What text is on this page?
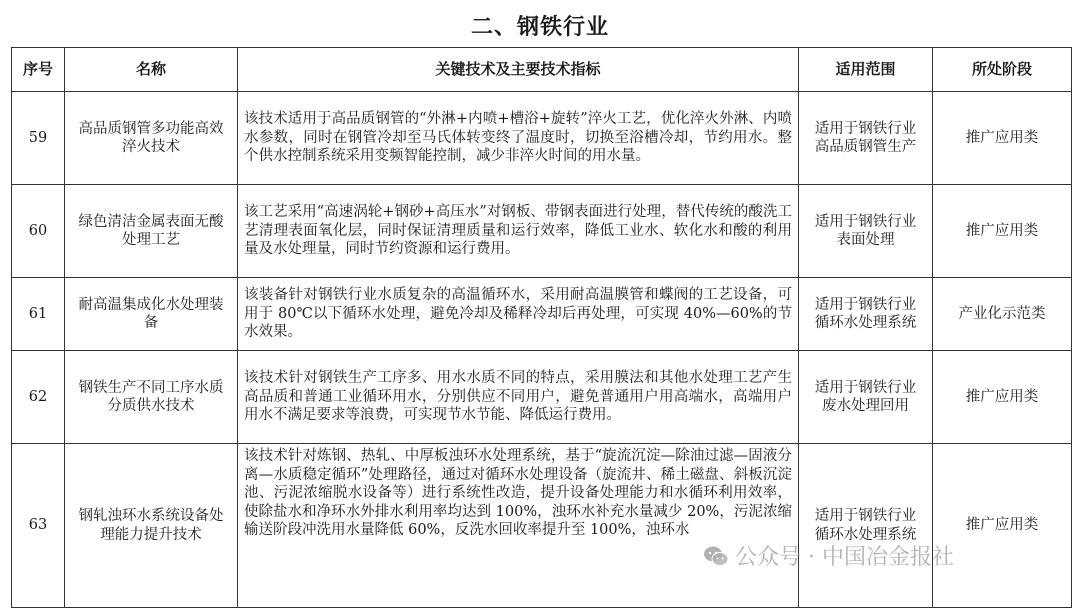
二、钢铁行业
序号	名称	关键技术及主要技术指标	适用范围	所处阶段
59	高品质钢管多功能高效淬火技术	该技术适用于高品质钢管的“外淋+内喷+槽浴+旋转”淬火工艺，优化淬火外淋、内喷水参数，同时在钢管冷却至马氏体转变终了温度时，切换至浴槽冷却，节约用水。整个供水控制系统采用变频智能控制，减少非淬火时间的用水量。	适用于钢铁行业高品质钢管生产	推广应用类
60	绿色清洁金属表面无酸处理工艺	该工艺采用“高速涡轮+钢砂+高压水”对钢板、带钢表面进行处理，替代传统的酸洗工艺清理表面氧化层，同时保证清理质量和运行效率，降低工业水、软化水和酸的利用量及水处理量，同时节约资源和运行费用。	适用于钢铁行业表面处理	推广应用类
61	耐高温集成化水处理装备	该装备针对钢铁行业水质复杂的高温循环水，采用耐高温膜管和蝶阀的工艺设备，可用于 80℃以下循环水处理，避免冷却及稀释冷却后再处理，可实现 40%—60%的节水效果。	适用于钢铁行业循环水处理系统	产业化示范类
62	钢铁生产不同工序水质分质供水技术	该技术针对钢铁生产工序多、用水水质不同的特点，采用膜法和其他水处理工艺产生高品质和普通工业循环用水，分别供应不同用户，避免普通用户用高端水，高端用户用水不满足要求等浪费，可实现节水节能、降低运行费用。	适用于钢铁行业废水处理回用	推广应用类
63	钢轧浊环水系统设备处理能力提升技术	该技术针对炼钢、热轧、中厚板浊环水处理系统，基于“旋流沉淀—除油过滤—固液分离—水质稳定循环”处理路径，通过对循环水处理设备（旋流井、稀土磁盘、斜板沉淀池、污泥浓缩脱水设备等）进行系统性改造，提升设备处理能力和水循环利用效率，使除盐水和净环水外排水利用率均达到 100%，浊环水补充水量减少 20%，污泥浓缩输送阶段冲洗用水量降低 60%，反洗水回收率提升至 100%，浊环水	适用于钢铁行业循环水处理系统	推广应用类
公众号 · 中国冶金报社
